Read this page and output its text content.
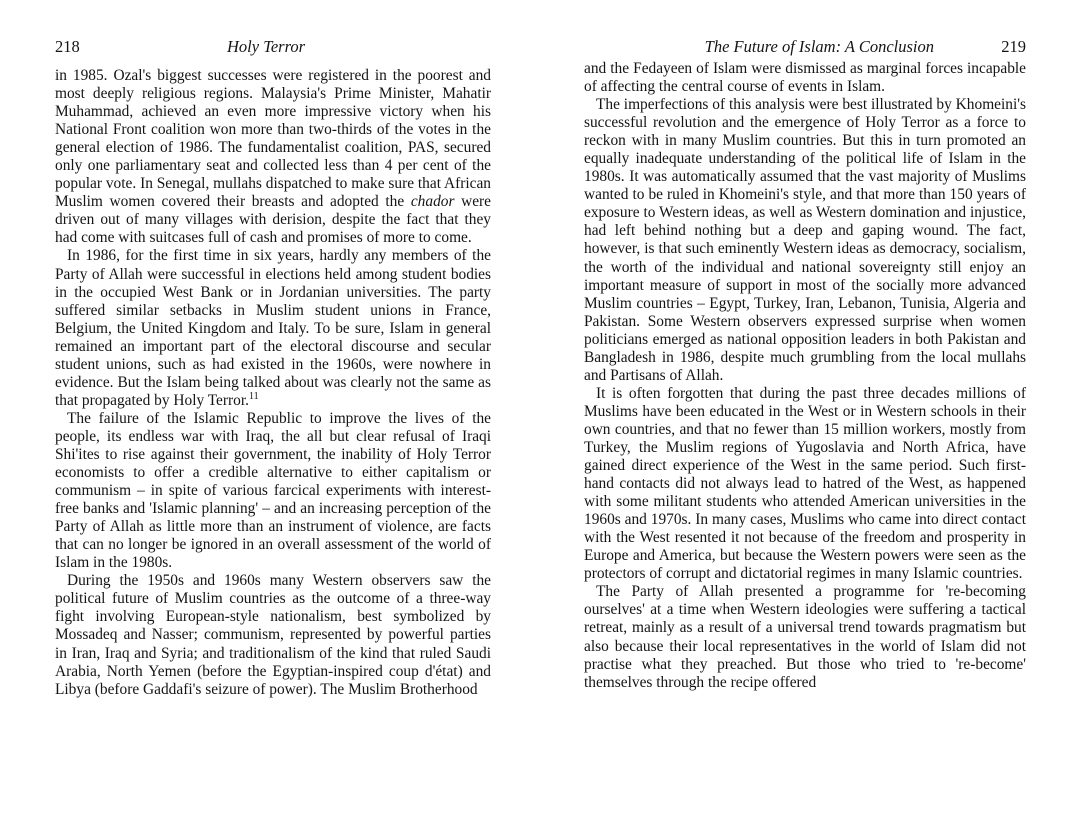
218	Holy Terror

in 1985. Ozal's biggest successes were registered in the poorest and most deeply religious regions. Malaysia's Prime Minister, Mahatir Muhammad, achieved an even more impressive victory when his National Front coalition won more than two-thirds of the votes in the general election of 1986. The fundamentalist coalition, PAS, secured only one parliamentary seat and collected less than 4 per cent of the popular vote. In Senegal, mullahs dispatched to make sure that African Muslim women covered their breasts and adopted the chador were driven out of many villages with derision, despite the fact that they had come with suitcases full of cash and promises of more to come.

In 1986, for the first time in six years, hardly any members of the Party of Allah were successful in elections held among student bodies in the occupied West Bank or in Jordanian universities. The party suffered similar setbacks in Muslim student unions in France, Belgium, the United Kingdom and Italy. To be sure, Islam in general remained an important part of the electoral discourse and secular student unions, such as had existed in the 1960s, were nowhere in evidence. But the Islam being talked about was clearly not the same as that propagated by Holy Terror.$^{11}$

The failure of the Islamic Republic to improve the lives of the people, its endless war with Iraq, the all but clear refusal of Iraqi Shi'ites to rise against their government, the inability of Holy Terror economists to offer a credible alternative to either capitalism or communism – in spite of various farcical experiments with interest-free banks and 'Islamic planning' – and an increasing perception of the Party of Allah as little more than an instrument of violence, are facts that can no longer be ignored in an overall assessment of the world of Islam in the 1980s.

During the 1950s and 1960s many Western observers saw the political future of Muslim countries as the outcome of a three-way fight involving European-style nationalism, best symbolized by Mossadeq and Nasser; communism, represented by powerful parties in Iran, Iraq and Syria; and traditionalism of the kind that ruled Saudi Arabia, North Yemen (before the Egyptian-inspired coup d'état) and Libya (before Gaddafi's seizure of power). The Muslim Brotherhood

The Future of Islam: A Conclusion	219

and the Fedayeen of Islam were dismissed as marginal forces incapable of affecting the central course of events in Islam.

The imperfections of this analysis were best illustrated by Khomeini's successful revolution and the emergence of Holy Terror as a force to reckon with in many Muslim countries. But this in turn promoted an equally inadequate understanding of the political life of Islam in the 1980s. It was automatically assumed that the vast majority of Muslims wanted to be ruled in Khomeini's style, and that more than 150 years of exposure to Western ideas, as well as Western domination and injustice, had left behind nothing but a deep and gaping wound. The fact, however, is that such eminently Western ideas as democracy, socialism, the worth of the individual and national sovereignty still enjoy an important measure of support in most of the socially more advanced Muslim countries – Egypt, Turkey, Iran, Lebanon, Tunisia, Algeria and Pakistan. Some Western observers expressed surprise when women politicians emerged as national opposition leaders in both Pakistan and Bangladesh in 1986, despite much grumbling from the local mullahs and Partisans of Allah.

It is often forgotten that during the past three decades millions of Muslims have been educated in the West or in Western schools in their own countries, and that no fewer than 15 million workers, mostly from Turkey, the Muslim regions of Yugoslavia and North Africa, have gained direct experience of the West in the same period. Such first-hand contacts did not always lead to hatred of the West, as happened with some militant students who attended American universities in the 1960s and 1970s. In many cases, Muslims who came into direct contact with the West resented it not because of the freedom and prosperity in Europe and America, but because the Western powers were seen as the protectors of corrupt and dictatorial regimes in many Islamic countries.

The Party of Allah presented a programme for 're-becoming ourselves' at a time when Western ideologies were suffering a tactical retreat, mainly as a result of a universal trend towards pragmatism but also because their local representatives in the world of Islam did not practise what they preached. But those who tried to 're-become' themselves through the recipe offered
